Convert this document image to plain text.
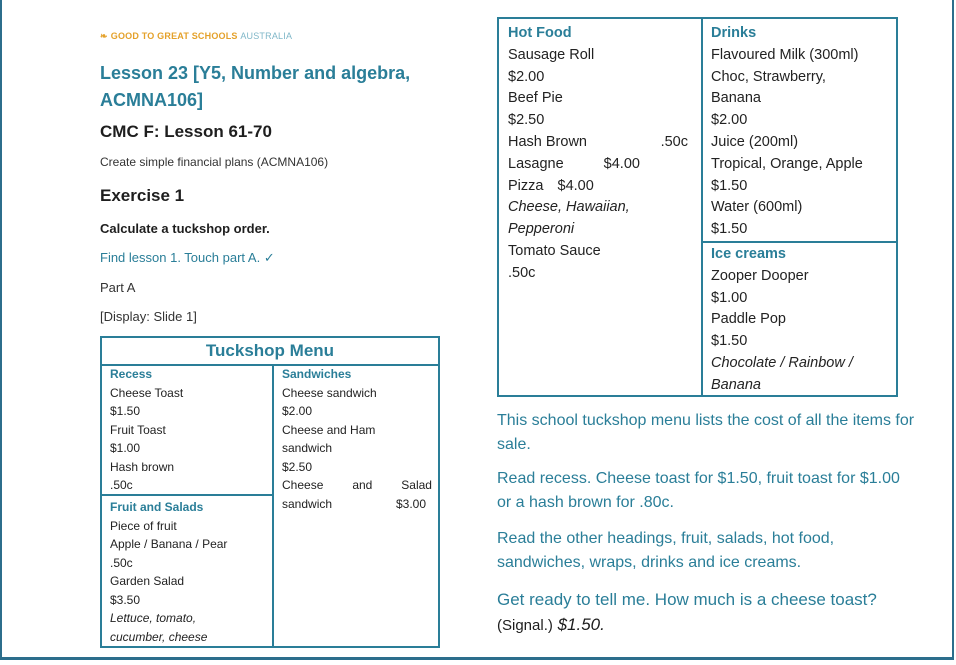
❧ GOOD TO GREAT SCHOOLS AUSTRALIA
Lesson 23 [Y5, Number and algebra,
ACMNA106]
CMC F: Lesson 61-70
Create simple financial plans (ACMNA106)
Exercise 1
Calculate a tuckshop order.
Find lesson 1. Touch part A. ✓
Part A
[Display: Slide 1]
Tuckshop Menu
Recess
Cheese Toast
$1.50
Fruit Toast
$1.00
Hash brown
.50c
Fruit and Salads
Piece of fruit
Apple / Banana / Pear
.50c
Garden Salad
$3.50
Lettuce, tomato,
cucumber, cheese
Sandwiches
Cheese sandwich
$2.00
Cheese and Ham
sandwich
$2.50
Cheese and Salad
sandwich	$3.00
Hot Food
Sausage Roll
$2.00
Beef Pie
$2.50
Hash Brown	.50c
Lasagne	$4.00
Pizza $4.00
Cheese, Hawaiian,
Pepperoni
Tomato Sauce
.50c
Drinks
Flavoured Milk (300ml)
Choc, Strawberry,
Banana
$2.00
Juice (200ml)
Tropical, Orange, Apple
$1.50
Water (600ml)
$1.50
Ice creams
Zooper Dooper
$1.00
Paddle Pop
$1.50
Chocolate / Rainbow /
Banana
This school tuckshop menu lists the cost of all the items for sale.
Read recess. Cheese toast for $1.50, fruit toast for $1.00 or a hash brown for .80c.
Read the other headings, fruit, salads, hot food, sandwiches, wraps, drinks and ice creams.
Get ready to tell me. How much is a cheese toast? (Signal.) $1.50.
